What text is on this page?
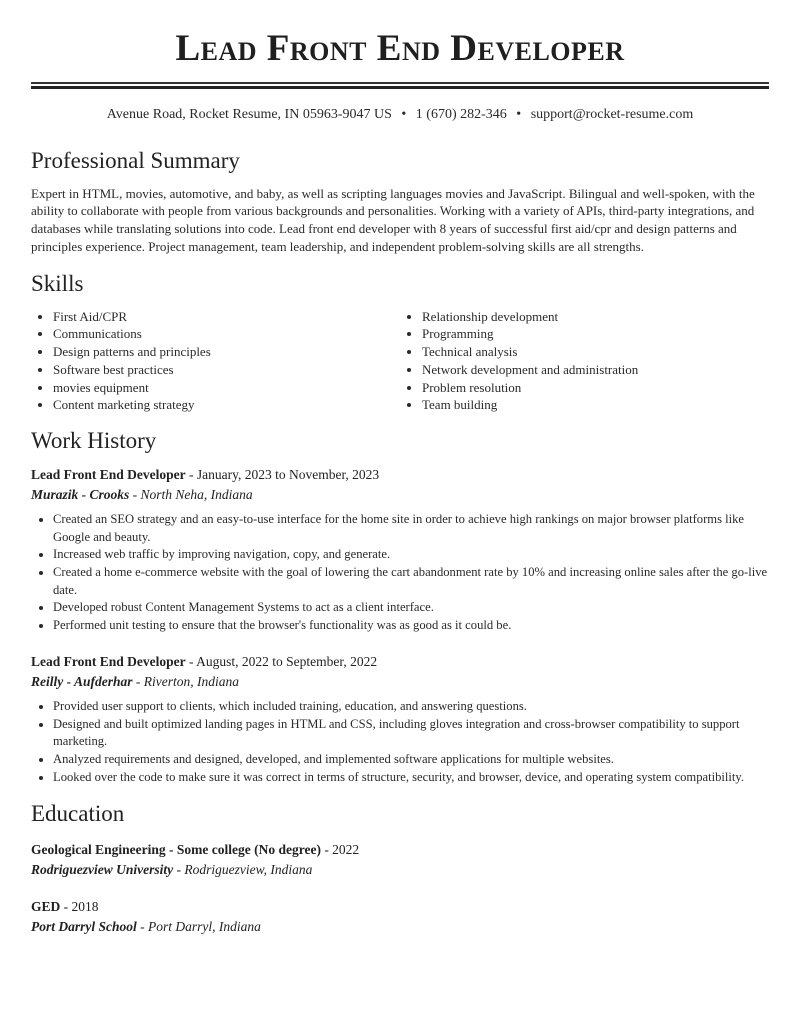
Lead Front End Developer
Avenue Road, Rocket Resume, IN 05963-9047 US • 1 (670) 282-346 • support@rocket-resume.com
Professional Summary

Expert in HTML, movies, automotive, and baby, as well as scripting languages movies and JavaScript. Bilingual and well-spoken, with the ability to collaborate with people from various backgrounds and personalities. Working with a variety of APIs, third-party integrations, and databases while translating solutions into code. Lead front end developer with 8 years of successful first aid/cpr and design patterns and principles experience. Project management, team leadership, and independent problem-solving skills are all strengths.

Skills
• First Aid/CPR
• Communications
• Design patterns and principles
• Software best practices
• movies equipment
• Content marketing strategy
• Relationship development
• Programming
• Technical analysis
• Network development and administration
• Problem resolution
• Team building
Work History
Lead Front End Developer - January, 2023 to November, 2023
Murazik - Crooks - North Neha, Indiana
• Created an SEO strategy and an easy-to-use interface for the home site in order to achieve high rankings on major browser platforms like Google and beauty.
• Increased web traffic by improving navigation, copy, and generate.
• Created a home e-commerce website with the goal of lowering the cart abandonment rate by 10% and increasing online sales after the go-live date.
• Developed robust Content Management Systems to act as a client interface.
• Performed unit testing to ensure that the browser's functionality was as good as it could be.
Lead Front End Developer - August, 2022 to September, 2022
Reilly - Aufderhar - Riverton, Indiana
• Provided user support to clients, which included training, education, and answering questions.
• Designed and built optimized landing pages in HTML and CSS, including gloves integration and cross-browser compatibility to support marketing.
• Analyzed requirements and designed, developed, and implemented software applications for multiple websites.
• Looked over the code to make sure it was correct in terms of structure, security, and browser, device, and operating system compatibility.
Education
Geological Engineering - Some college (No degree) - 2022
Rodriguezview University - Rodriguezview, Indiana
GED - 2018
Port Darryl School - Port Darryl, Indiana
